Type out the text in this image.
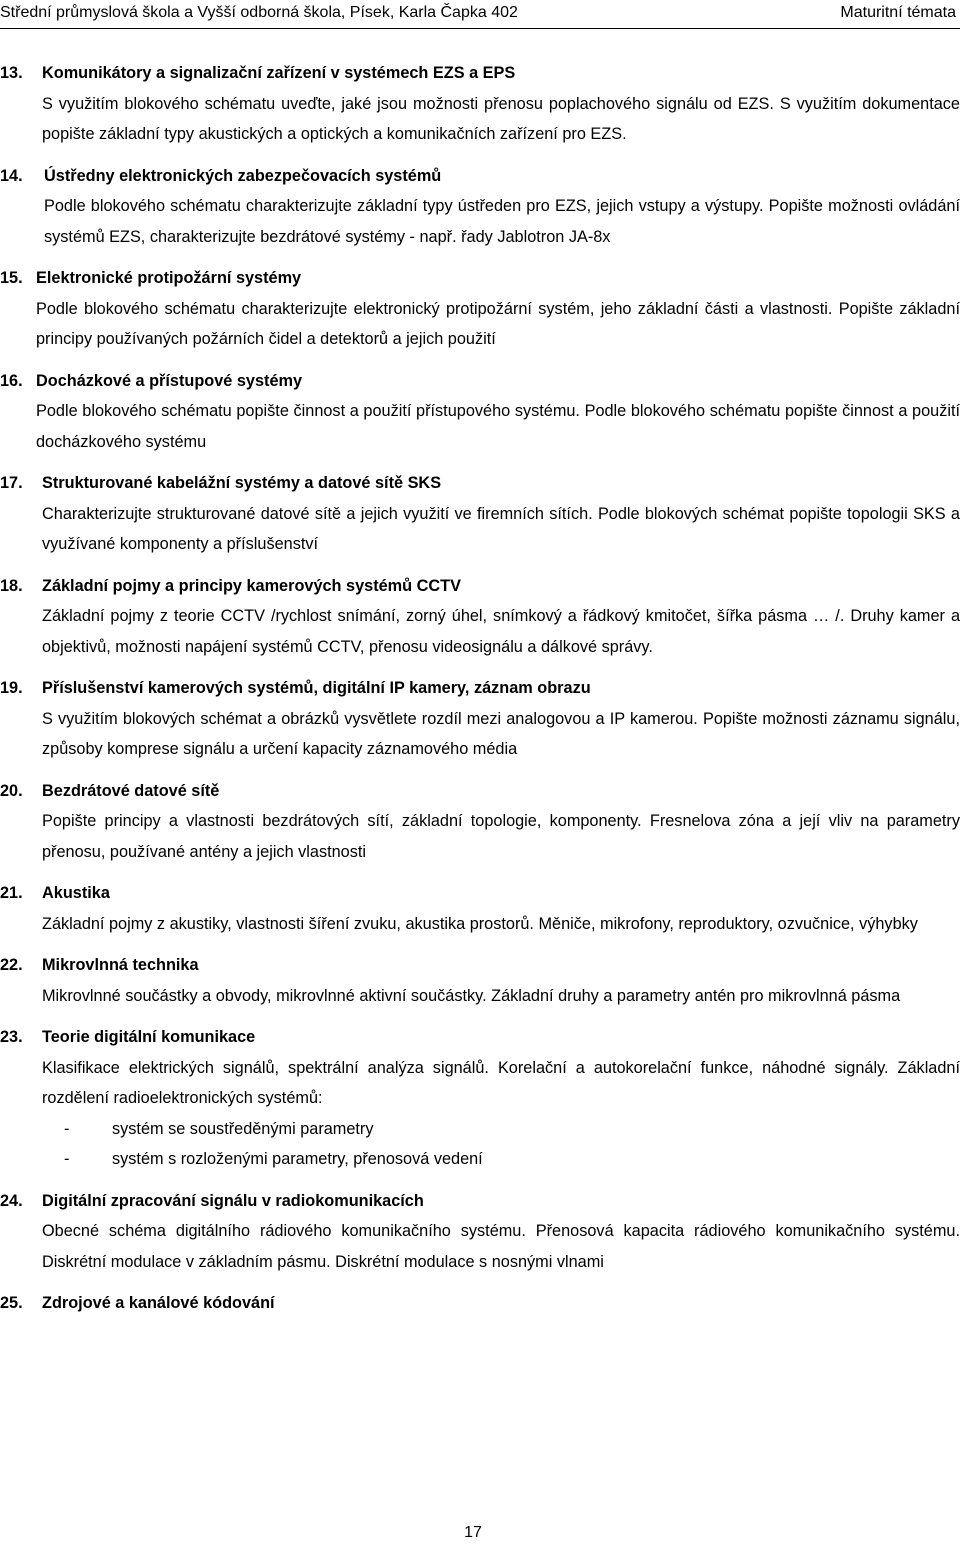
Střední průmyslová škola a Vyšší odborná škola, Písek, Karla Čapka 402	Maturitní témata
13. Komunikátory a signalizační zařízení v systémech EZS a EPS
S využitím blokového schématu uveďte, jaké jsou možnosti přenosu poplachového signálu od EZS. S využitím dokumentace popište základní typy akustických a optických a komunikačních zařízení pro EZS.
14. Ústředny elektronických zabezpečovacích systémů
Podle blokového schématu charakterizujte základní typy ústředen pro EZS, jejich vstupy a výstupy. Popište možnosti ovládání systémů EZS, charakterizujte bezdrátové systémy - např. řady Jablotron JA-8x
15. Elektronické protipožární systémy
Podle blokového schématu charakterizujte elektronický protipožární systém, jeho základní části a vlastnosti. Popište základní principy používaných požárních čidel a detektorů a jejich použití
16. Docházkové a přístupové systémy
Podle blokového schématu popište činnost a použití přístupového systému. Podle blokového schématu popište činnost a použití docházkového systému
17. Strukturované kabelážní systémy a datové sítě SKS
Charakterizujte strukturované datové sítě a jejich využití ve firemních sítích. Podle blokových schémat popište topologii SKS a využívané komponenty a příslušenství
18. Základní pojmy a principy kamerových systémů CCTV
Základní pojmy z teorie CCTV /rychlost snímání, zorný úhel, snímkový a řádkový kmitočet, šířka pásma … /. Druhy kamer a objektivů, možnosti napájení systémů CCTV, přenosu videosignálu a dálkové správy.
19. Příslušenství kamerových systémů, digitální IP kamery, záznam obrazu
S využitím blokových schémat a obrázků vysvětlete rozdíl mezi analogovou a IP kamerou. Popište možnosti záznamu signálu, způsoby komprese signálu a určení kapacity záznamového média
20. Bezdrátové datové sítě
Popište principy a vlastnosti bezdrátových sítí, základní topologie, komponenty. Fresnelova zóna a její vliv na parametry přenosu, používané antény a jejich vlastnosti
21. Akustika
Základní pojmy z akustiky, vlastnosti šíření zvuku, akustika prostorů. Měniče, mikrofony, reproduktory, ozvučnice, výhybky
22. Mikrovlnná technika
Mikrovlnné součástky a obvody, mikrovlnné aktivní součástky. Základní druhy a parametry antén pro mikrovlnná pásma
23. Teorie digitální komunikace
Klasifikace elektrických signálů, spektrální analýza signálů. Korelační a autokorelační funkce, náhodné signály. Základní rozdělení radioelektronických systémů:
-	systém se soustředěnými parametry
-	systém s rozloženými parametry, přenosová vedení
24. Digitální zpracování signálu v radiokomunikacích
Obecné schéma digitálního rádiového komunikačního systému. Přenosová kapacita rádiového komunikačního systému. Diskrétní modulace v základním pásmu. Diskrétní modulace s nosnými vlnami
25. Zdrojové a kanálové kódování
17
